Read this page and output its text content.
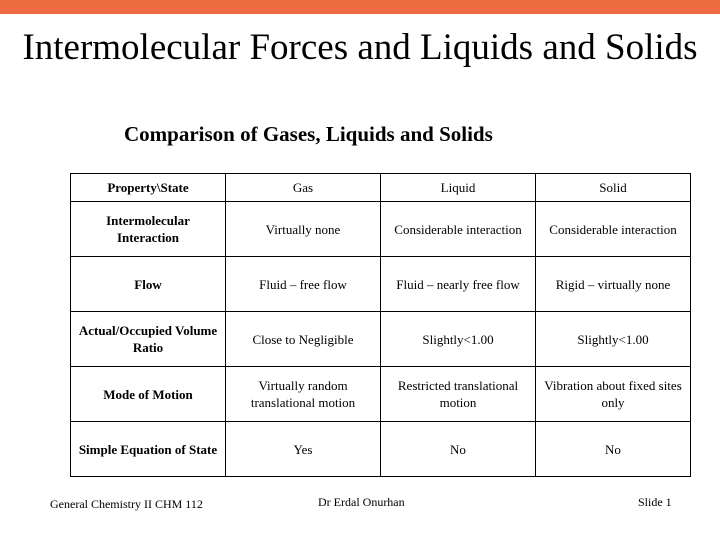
Intermolecular Forces and Liquids and Solids
Comparison of Gases, Liquids and Solids
Property\State	Gas	Liquid	Solid
Intermolecular Interaction	Virtually none	Considerable interaction	Considerable interaction
Flow	Fluid – free flow	Fluid – nearly free flow	Rigid – virtually none
Actual/Occupied Volume Ratio	Close to Negligible	Slightly<1.00	Slightly<1.00
Mode of Motion	Virtually random translational motion	Restricted translational motion	Vibration about fixed sites only
Simple Equation of State	Yes	No	No
General Chemistry II CHM 112	Dr Erdal Onurhan	Slide 1
